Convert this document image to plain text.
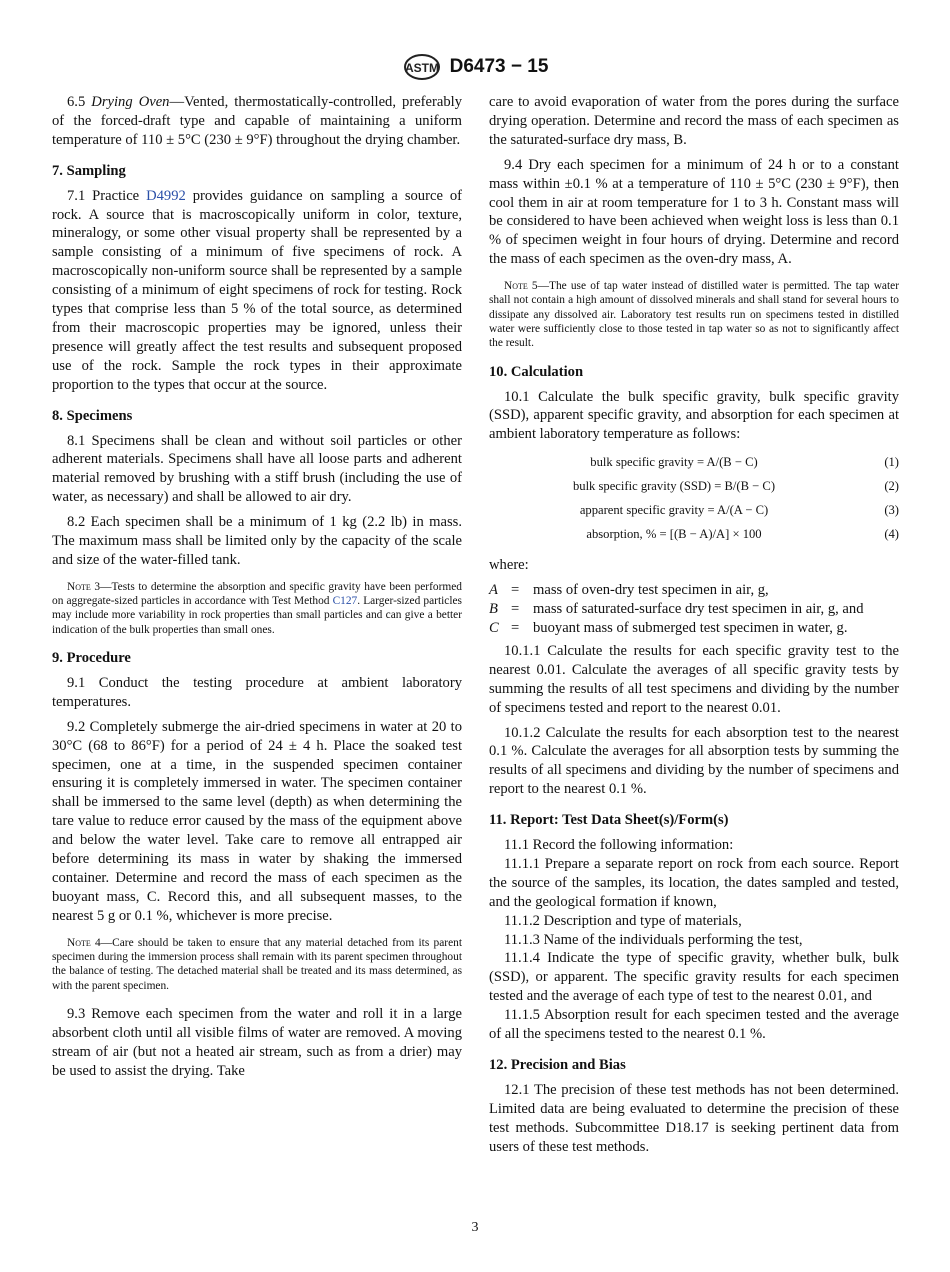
ASTM D6473 − 15

6.5 Drying Oven—Vented, thermostatically-controlled, preferably of the forced-draft type and capable of maintaining a uniform temperature of 110 ± 5°C (230 ± 9°F) throughout the drying chamber.

7. Sampling

7.1 Practice D4992 provides guidance on sampling a source of rock. A source that is macroscopically uniform in color, texture, mineralogy, or some other visual property shall be represented by a sample consisting of a minimum of five specimens of rock. A macroscopically non-uniform source shall be represented by a sample consisting of a minimum of eight specimens of rock for testing. Rock types that comprise less than 5 % of the total source, as determined from their macroscopic properties may be ignored, unless their presence will greatly affect the test results and subsequent proposed use of the rock. Sample the rock types in their approximate proportion to the types that occur at the source.

8. Specimens

8.1 Specimens shall be clean and without soil particles or other adherent materials. Specimens shall have all loose parts and adherent material removed by brushing with a stiff brush (including the use of water, as necessary) and shall be allowed to air dry.

8.2 Each specimen shall be a minimum of 1 kg (2.2 lb) in mass. The maximum mass shall be limited only by the capacity of the scale and size of the water-filled tank.

Note 3—Tests to determine the absorption and specific gravity have been performed on aggregate-sized particles in accordance with Test Method C127. Larger-sized particles may include more variability in rock properties than small particles and can give a better indication of the bulk properties than small ones.
9. Procedure

9.1 Conduct the testing procedure at ambient laboratory temperatures.

9.2 Completely submerge the air-dried specimens in water at 20 to 30°C (68 to 86°F) for a period of 24 ± 4 h. Place the soaked test specimen, one at a time, in the suspended specimen container ensuring it is completely immersed in water. The specimen container shall be immersed to the same level (depth) as when determining the tare value to reduce error caused by the mass of the equipment above and below the water level. Take care to remove all entrapped air before determining its mass in water by shaking the immersed container. Determine and record the mass of each specimen as the buoyant mass, C. Record this, and all subsequent masses, to the nearest 5 g or 0.1 %, whichever is more precise.

Note 4—Care should be taken to ensure that any material detached from its parent specimen during the immersion process shall remain with its parent specimen throughout the balance of testing. The detached material shall be treated and its mass determined, as with the parent specimen.

9.3 Remove each specimen from the water and roll it in a large absorbent cloth until all visible films of water are removed. A moving stream of air (but not a heated air stream, such as from a drier) may be used to assist the drying. Take

care to avoid evaporation of water from the pores during the surface drying operation. Determine and record the mass of each specimen as the saturated-surface dry mass, B.

9.4 Dry each specimen for a minimum of 24 h or to a constant mass within ±0.1 % at a temperature of 110 ± 5°C (230 ± 9°F), then cool them in air at room temperature for 1 to 3 h. Constant mass will be considered to have been achieved when weight loss is less than 0.1 % of specimen weight in four hours of drying. Determine and record the mass of each specimen as the oven-dry mass, A.

Note 5—The use of tap water instead of distilled water is permitted. The tap water shall not contain a high amount of dissolved minerals and shall stand for several hours to dissipate any dissolved air. Laboratory test results run on specimens tested in distilled water were sufficiently close to those tested in tap water so as not to significantly affect the result.
10. Calculation

10.1 Calculate the bulk specific gravity, bulk specific gravity (SSD), apparent specific gravity, and absorption for each specimen at ambient laboratory temperature as follows:

bulk specific gravity = A/(B − C)	(1)
bulk specific gravity (SSD) = B/(B − C)	(2)
apparent specific gravity = A/(A − C)	(3)
absorption, % = [(B − A)/A] × 100	(4)

where:

A = mass of oven-dry test specimen in air, g,
B = mass of saturated-surface dry test specimen in air, g, and
C = buoyant mass of submerged test specimen in water, g.

10.1.1 Calculate the results for each specific gravity test to the nearest 0.01. Calculate the averages of all specific gravity tests by summing the results of all test specimens and dividing by the number of specimens tested and report to the nearest 0.01.

10.1.2 Calculate the results for each absorption test to the nearest 0.1 %. Calculate the averages for all absorption tests by summing the results of all specimens and dividing by the number of specimens and report to the nearest 0.1 %.

11. Report: Test Data Sheet(s)/Form(s)

11.1 Record the following information:

11.1.1 Prepare a separate report on rock from each source. Report the source of the samples, its location, the dates sampled and tested, and the geological formation if known,

11.1.2 Description and type of materials,

11.1.3 Name of the individuals performing the test,

11.1.4 Indicate the type of specific gravity, whether bulk, bulk (SSD), or apparent. The specific gravity results for each specimen tested and the average of each type of test to the nearest 0.01, and

11.1.5 Absorption result for each specimen tested and the average of all the specimens tested to the nearest 0.1 %.

12. Precision and Bias

12.1 The precision of these test methods has not been determined. Limited data are being evaluated to determine the precision of these test methods. Subcommittee D18.17 is seeking pertinent data from users of these test methods.

3
